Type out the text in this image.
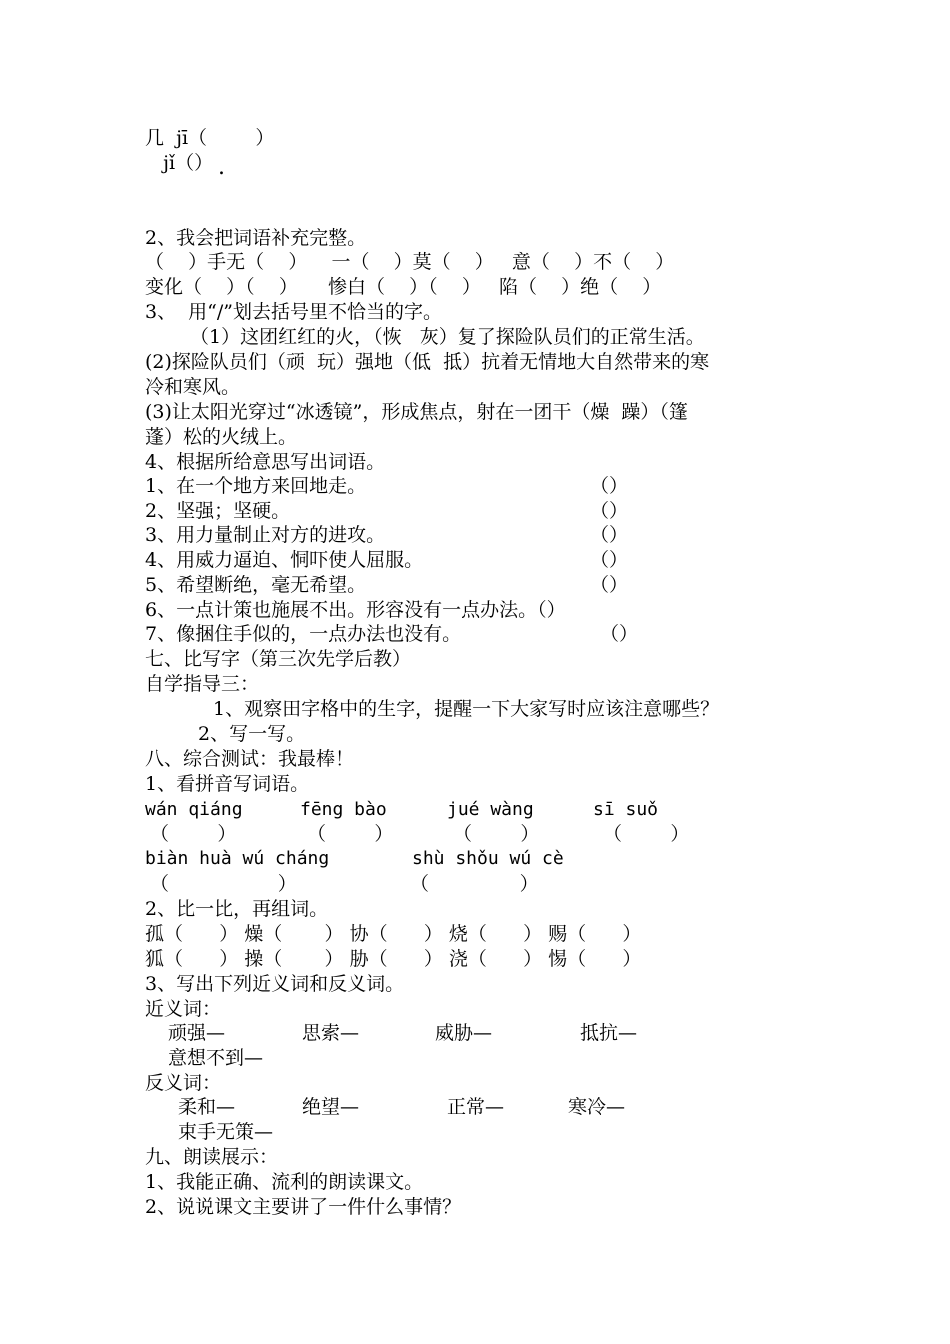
几  jī（        ）
jǐ（）
2、我会把词语补充完整。
（    ）手无（    ）    一（    ）莫（    ）   意（    ）不（    ）
变化（    ）（    ）     惨白（    ）（    ）   陷（    ）绝（    ）
3、  用“/”划去括号里不恰当的字。
（1）这团红红的火，（恢   灰）复了探险队员们的正常生活。
(2)探险队员们（顽  玩）强地（低  抵）抗着无情地大自然带来的寒
冷和寒风。
(3)让太阳光穿过“冰透镜”，形成焦点，射在一团干（燥  躁）（篷
蓬）松的火绒上。
4、根据所给意思写出词语。
1、在一个地方来回地走。	（）
2、坚强；坚硬。	（）
3、用力量制止对方的进攻。	（）
4、用威力逼迫、恫吓使人屈服。	（）
5、希望断绝，毫无希望。	（）
6、一点计策也施展不出。形容没有一点办法。（）
7、像捆住手似的，一点办法也没有。	（）
七、比写字（第三次先学后教）
自学指导三：
1、观察田字格中的生字，提醒一下大家写时应该注意哪些？
2、写一写。
八、综合测试：我最棒！
1、看拼音写词语。
wán qiáng	fēng bào	jué wàng	sī suǒ
（        ）	（        ）	（        ）	（        ）
biàn huà wú cháng	shù shǒu wú cè
（                  ）	（               ）
2、比一比，再组词。
孤（      ） 燥（       ） 协（      ） 烧（      ） 赐（      ）
狐（      ） 操（       ） 胁（      ） 浇（      ） 惕（      ）
3、写出下列近义词和反义词。
近义词：
顽强—	思索—	威胁—	抵抗—
意想不到—
反义词：
柔和—	绝望—	正常—	寒冷—
束手无策—
九、朗读展示：
1、我能正确、流利的朗读课文。
2、说说课文主要讲了一件什么事情？
.
